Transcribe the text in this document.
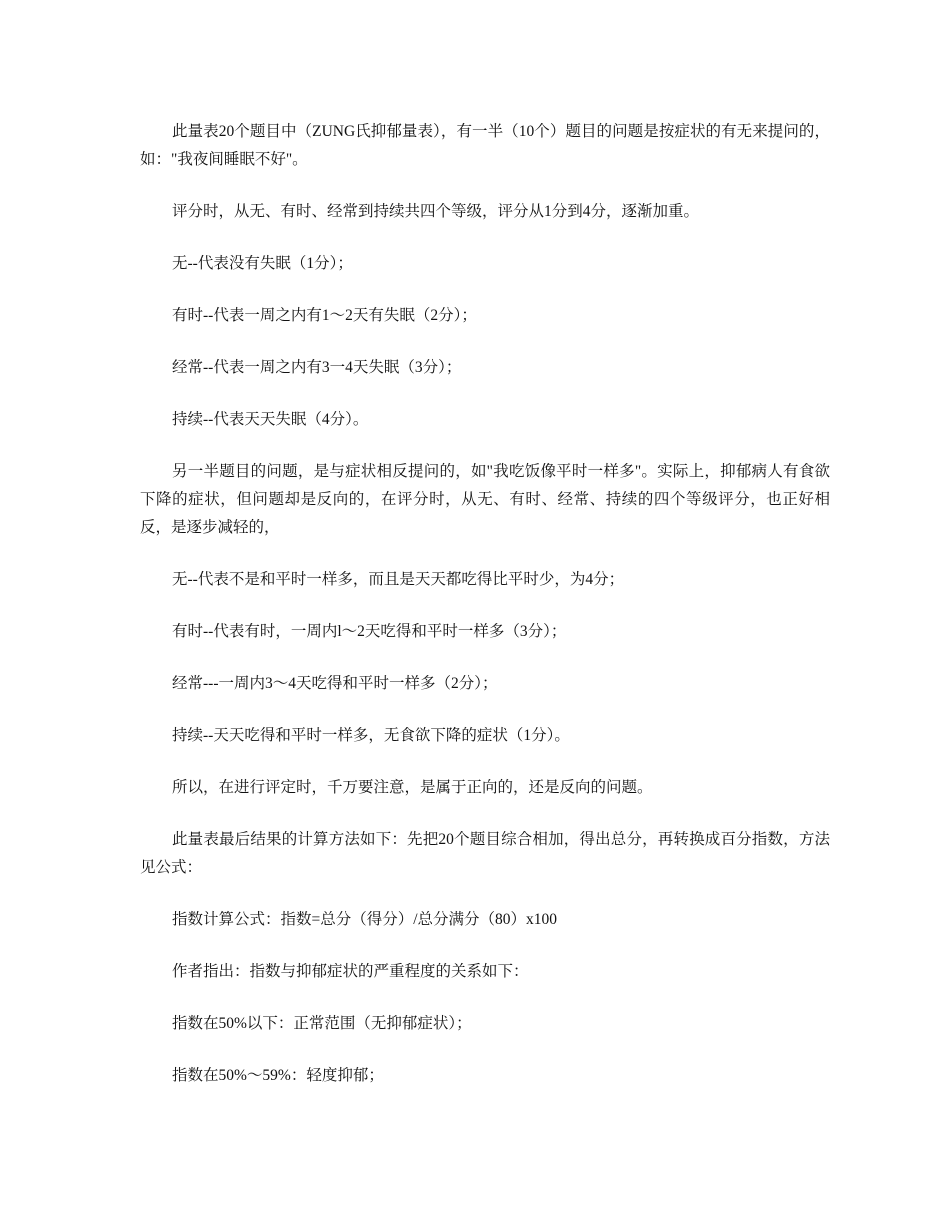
此量表20个题目中（ZUNG氏抑郁量表），有一半（10个）题目的问题是按症状的有无来提问的，如："我夜间睡眠不好"。

评分时，从无、有时、经常到持续共四个等级，评分从1分到4分，逐渐加重。

无--代表没有失眠（1分）；

有时--代表一周之内有1～2天有失眠（2分）；

经常--代表一周之内有3一4天失眠（3分）；

持续--代表天天失眠（4分）。

另一半题目的问题，是与症状相反提问的，如"我吃饭像平时一样多"。实际上，抑郁病人有食欲下降的症状，但问题却是反向的，在评分时，从无、有时、经常、持续的四个等级评分，也正好相反，是逐步减轻的，

无--代表不是和平时一样多，而且是天天都吃得比平时少，为4分；

有时--代表有时，一周内l～2天吃得和平时一样多（3分）；

经常---一周内3～4天吃得和平时一样多（2分）；

持续--天天吃得和平时一样多，无食欲下降的症状（1分）。

所以，在进行评定时，千万要注意，是属于正向的，还是反向的问题。

此量表最后结果的计算方法如下：先把20个题目综合相加，得出总分，再转换成百分指数，方法见公式：

指数计算公式：指数=总分（得分）/总分满分（80）x100

作者指出：指数与抑郁症状的严重程度的关系如下：

指数在50%以下：正常范围（无抑郁症状）；

指数在50%～59%：轻度抑郁；
